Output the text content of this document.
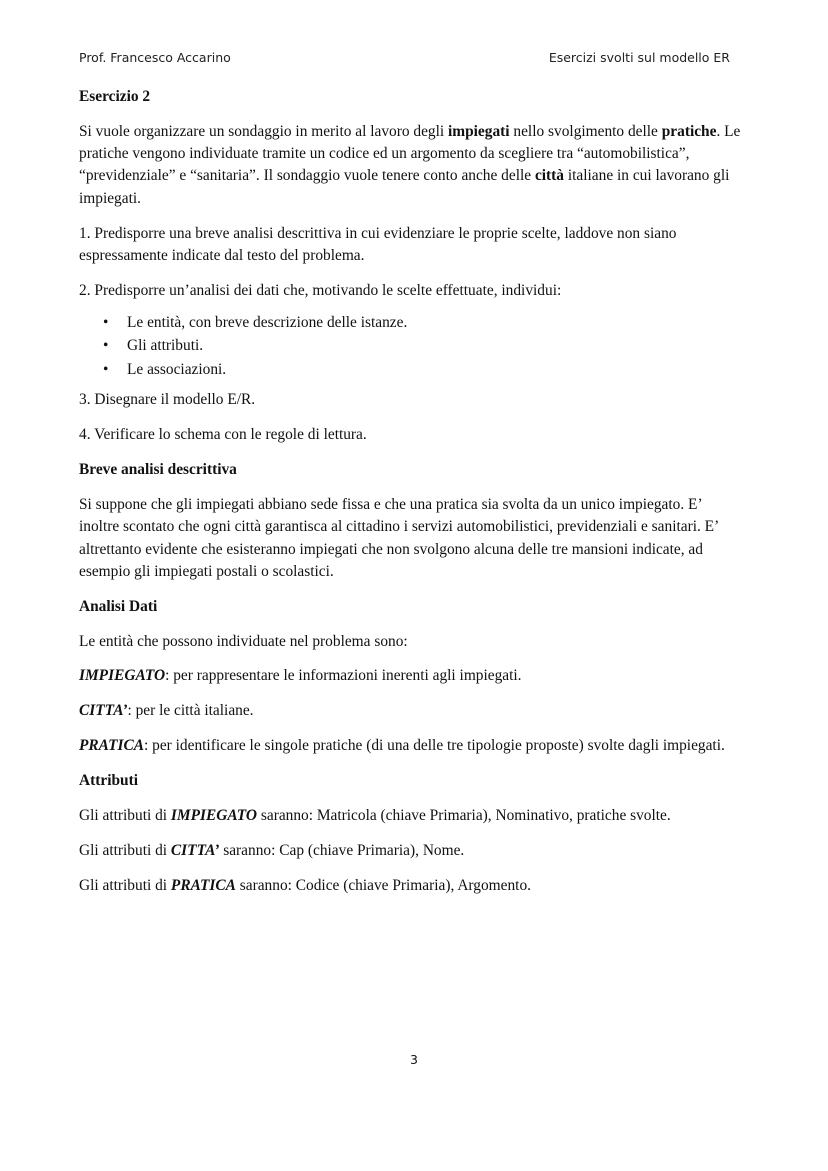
Prof. Francesco Accarino	Esercizi svolti sul modello ER
Esercizio 2

Si vuole organizzare un sondaggio in merito al lavoro degli impiegati nello svolgimento delle pratiche. Le pratiche vengono individuate tramite un codice ed un argomento da scegliere tra “automobilistica”, “previdenziale” e “sanitaria”. Il sondaggio vuole tenere conto anche delle città italiane in cui lavorano gli impiegati.

1. Predisporre una breve analisi descrittiva in cui evidenziare le proprie scelte, laddove non siano espressamente indicate dal testo del problema.

2. Predisporre un’analisi dei dati che, motivando le scelte effettuate, individui:

• Le entità, con breve descrizione delle istanze.
• Gli attributi.
• Le associazioni.

3. Disegnare il modello E/R.

4. Verificare lo schema con le regole di lettura.

Breve analisi descrittiva

Si suppone che gli impiegati abbiano sede fissa e che una pratica sia svolta da un unico impiegato. E’ inoltre scontato che ogni città garantisca al cittadino i servizi automobilistici, previdenziali e sanitari. E’ altrettanto evidente che esisteranno impiegati che non svolgono alcuna delle tre mansioni indicate, ad esempio gli impiegati postali o scolastici.

Analisi Dati

Le entità che possono individuate nel problema sono:

IMPIEGATO: per rappresentare le informazioni inerenti agli impiegati.

CITTA’: per le città italiane.

PRATICA: per identificare le singole pratiche (di una delle tre tipologie proposte) svolte dagli impiegati.

Attributi

Gli attributi di IMPIEGATO saranno: Matricola (chiave Primaria), Nominativo, pratiche svolte.

Gli attributi di CITTA’ saranno: Cap (chiave Primaria), Nome.

Gli attributi di PRATICA saranno: Codice (chiave Primaria), Argomento.

3
